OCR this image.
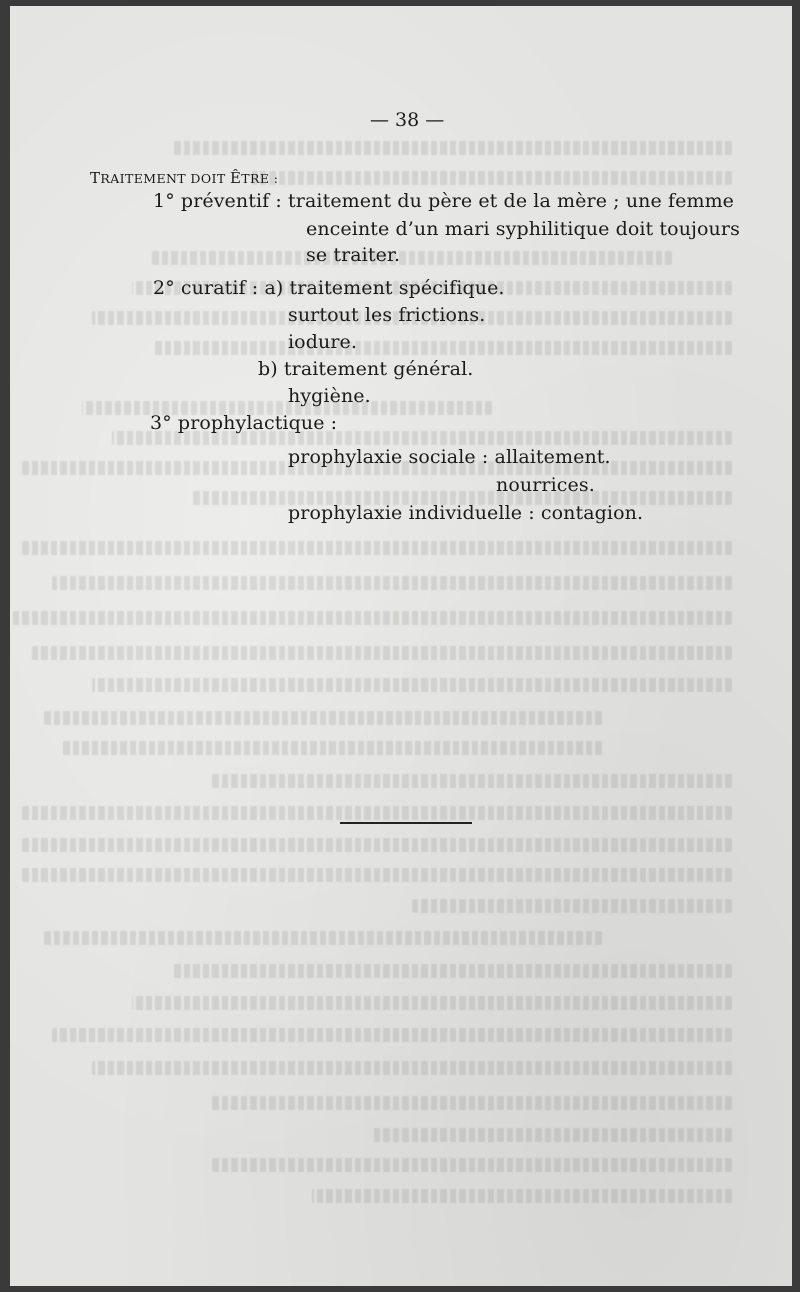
— 38 —
TRAITEMENT DOIT ÊTRE :
1° préventif : traitement du père et de la mère ; une femme
enceinte d’un mari syphilitique doit toujours
se traiter.
2° curatif : a) traitement spécifique.
surtout les frictions.
iodure.
b) traitement général.
hygiène.
3° prophylactique :
prophylaxie sociale : allaitement.
nourrices.
prophylaxie individuelle : contagion.
